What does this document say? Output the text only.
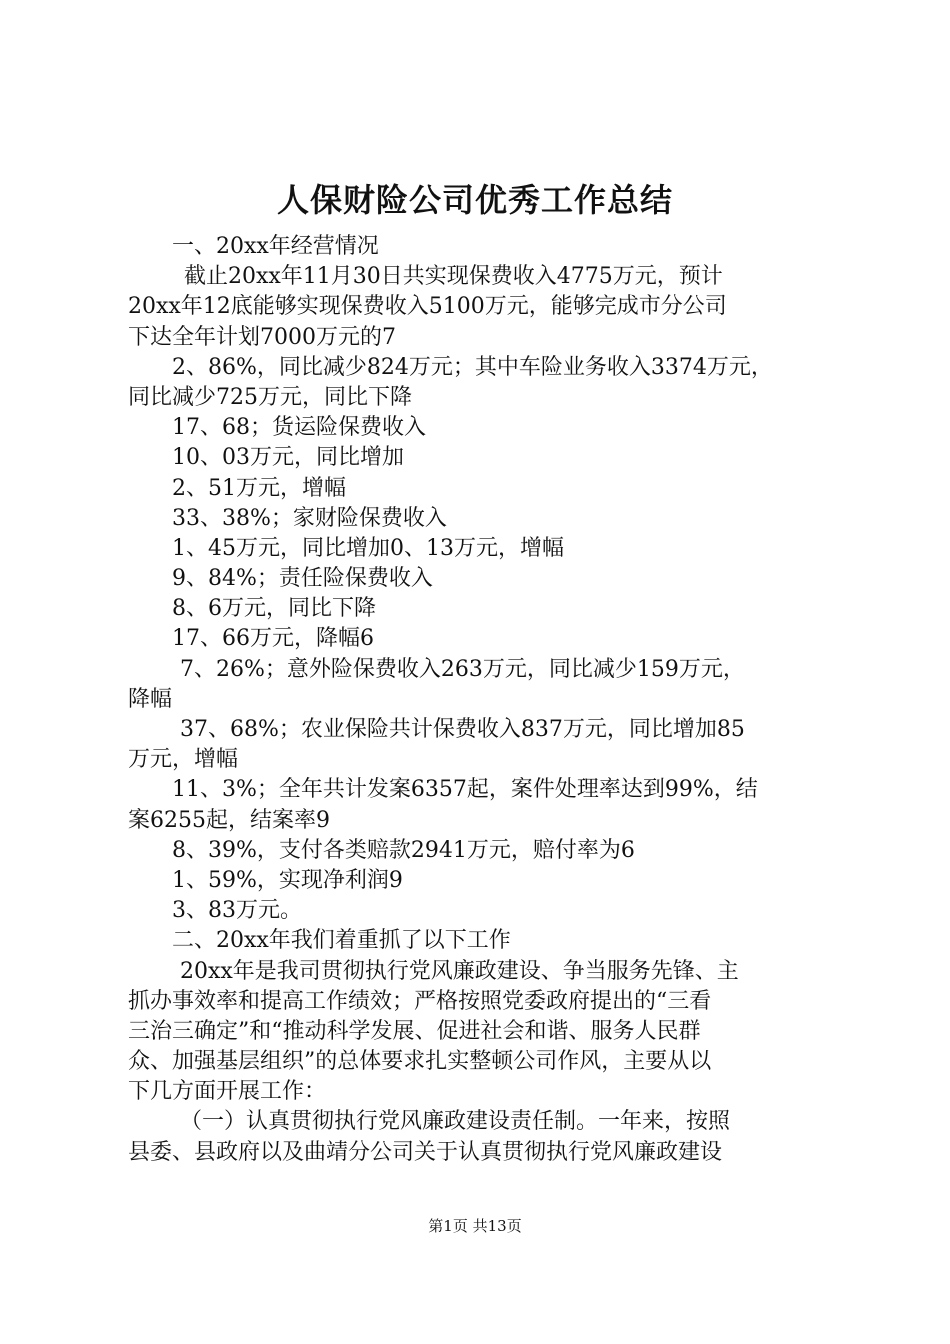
人保财险公司优秀工作总结
一、20xx年经营情况
截止20xx年11月30日共实现保费收入4775万元，预计
20xx年12底能够实现保费收入5100万元，能够完成市分公司
下达全年计划7000万元的7
2、86%，同比减少824万元；其中车险业务收入3374万元，
同比减少725万元，同比下降
17、68；货运险保费收入
10、03万元，同比增加
2、51万元，增幅
33、38%；家财险保费收入
1、45万元，同比增加0、13万元，增幅
9、84%；责任险保费收入
8、6万元，同比下降
17、66万元，降幅6
7、26%；意外险保费收入263万元，同比减少159万元，
降幅
37、68%；农业保险共计保费收入837万元，同比增加85
万元，增幅
11、3%；全年共计发案6357起，案件处理率达到99%，结
案6255起，结案率9
8、39%，支付各类赔款2941万元，赔付率为6
1、59%，实现净利润9
3、83万元。
二、20xx年我们着重抓了以下工作
20xx年是我司贯彻执行党风廉政建设、争当服务先锋、主
抓办事效率和提高工作绩效；严格按照党委政府提出的“三看
三治三确定”和“推动科学发展、促进社会和谐、服务人民群
众、加强基层组织”的总体要求扎实整顿公司作风，主要从以
下几方面开展工作：
（一）认真贯彻执行党风廉政建设责任制。一年来，按照
县委、县政府以及曲靖分公司关于认真贯彻执行党风廉政建设
第1页 共13页
